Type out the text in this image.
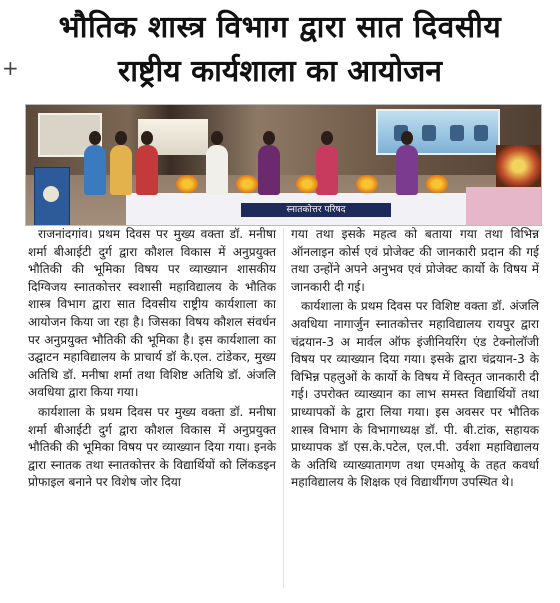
भौतिक शास्त्र विभाग द्वारा सात दिवसीय
राष्ट्रीय कार्यशाला का आयोजन
+
स्नातकोत्तर परिषद

राजनांदगांव। प्रथम दिवस पर मुख्य वक्ता डॉ. मनीषा शर्मा बीआईटी दुर्ग द्वारा कौशल विकास में अनुप्रयुक्त भौतिकी की भूमिका विषय पर व्याख्यान शासकीय दिग्विजय स्नातकोत्तर स्वशासी महाविद्यालय के भौतिक शास्त्र विभाग द्वारा सात दिवसीय राष्ट्रीय कार्यशाला का आयोजन किया जा रहा है। जिसका विषय कौशल संवर्धन पर अनुप्रयुक्त भौतिकी की भूमिका है। इस कार्यशाला का उद्घाटन महाविद्यालय के प्राचार्य डॉ के.एल. टांडेकर, मुख्य अतिथि डॉ. मनीषा शर्मा तथा विशिष्ट अतिथि डॉ. अंजलि अवधिया द्वारा किया गया।

कार्यशाला के प्रथम दिवस पर मुख्य वक्ता डॉ. मनीषा शर्मा बीआईटी दुर्ग द्वारा कौशल विकास में अनुप्रयुक्त भौतिकी की भूमिका विषय पर व्याख्यान दिया गया। इनके द्वारा स्नातक तथा स्नातकोत्तर के विद्यार्थियों को लिंकडइन प्रोफाइल बनाने पर विशेष जोर दिया

गया तथा इसके महत्व को बताया गया तथा विभिन्न ऑनलाइन कोर्स एवं प्रोजेक्ट की जानकारी प्रदान की गई तथा उन्होंने अपने अनुभव एवं प्रोजेक्ट कार्यो के विषय में जानकारी दी गई।

कार्यशाला के प्रथम दिवस पर विशिष्ट वक्ता डॉ. अंजलि अवधिया नागार्जुन स्नातकोत्तर महाविद्यालय रायपुर द्वारा चंद्रयान-3 अ मार्वल ऑफ इंजीनियरिंग एंड टेक्नोलॉजी विषय पर व्याख्यान दिया गया। इसके द्वारा चंद्रयान-3 के विभिन्न पहलुओं के कार्यो के विषय में विस्तृत जानकारी दी गई। उपरोक्त व्याख्यान का लाभ समस्त विद्यार्थियों तथा प्राध्यापकों के द्वारा लिया गया। इस अवसर पर भौतिक शास्त्र विभाग के विभागाध्यक्ष डॉ. पी. बी.टांक, सहायक प्राध्यापक डॉ एस.के.पटेल, एल.पी. उर्वशा महाविद्यालय के अतिथि व्याख्यातागण तथा एमओयू के तहत कवर्धा महाविद्यालय के शिक्षक एवं विद्यार्थीगण उपस्थित थे।
